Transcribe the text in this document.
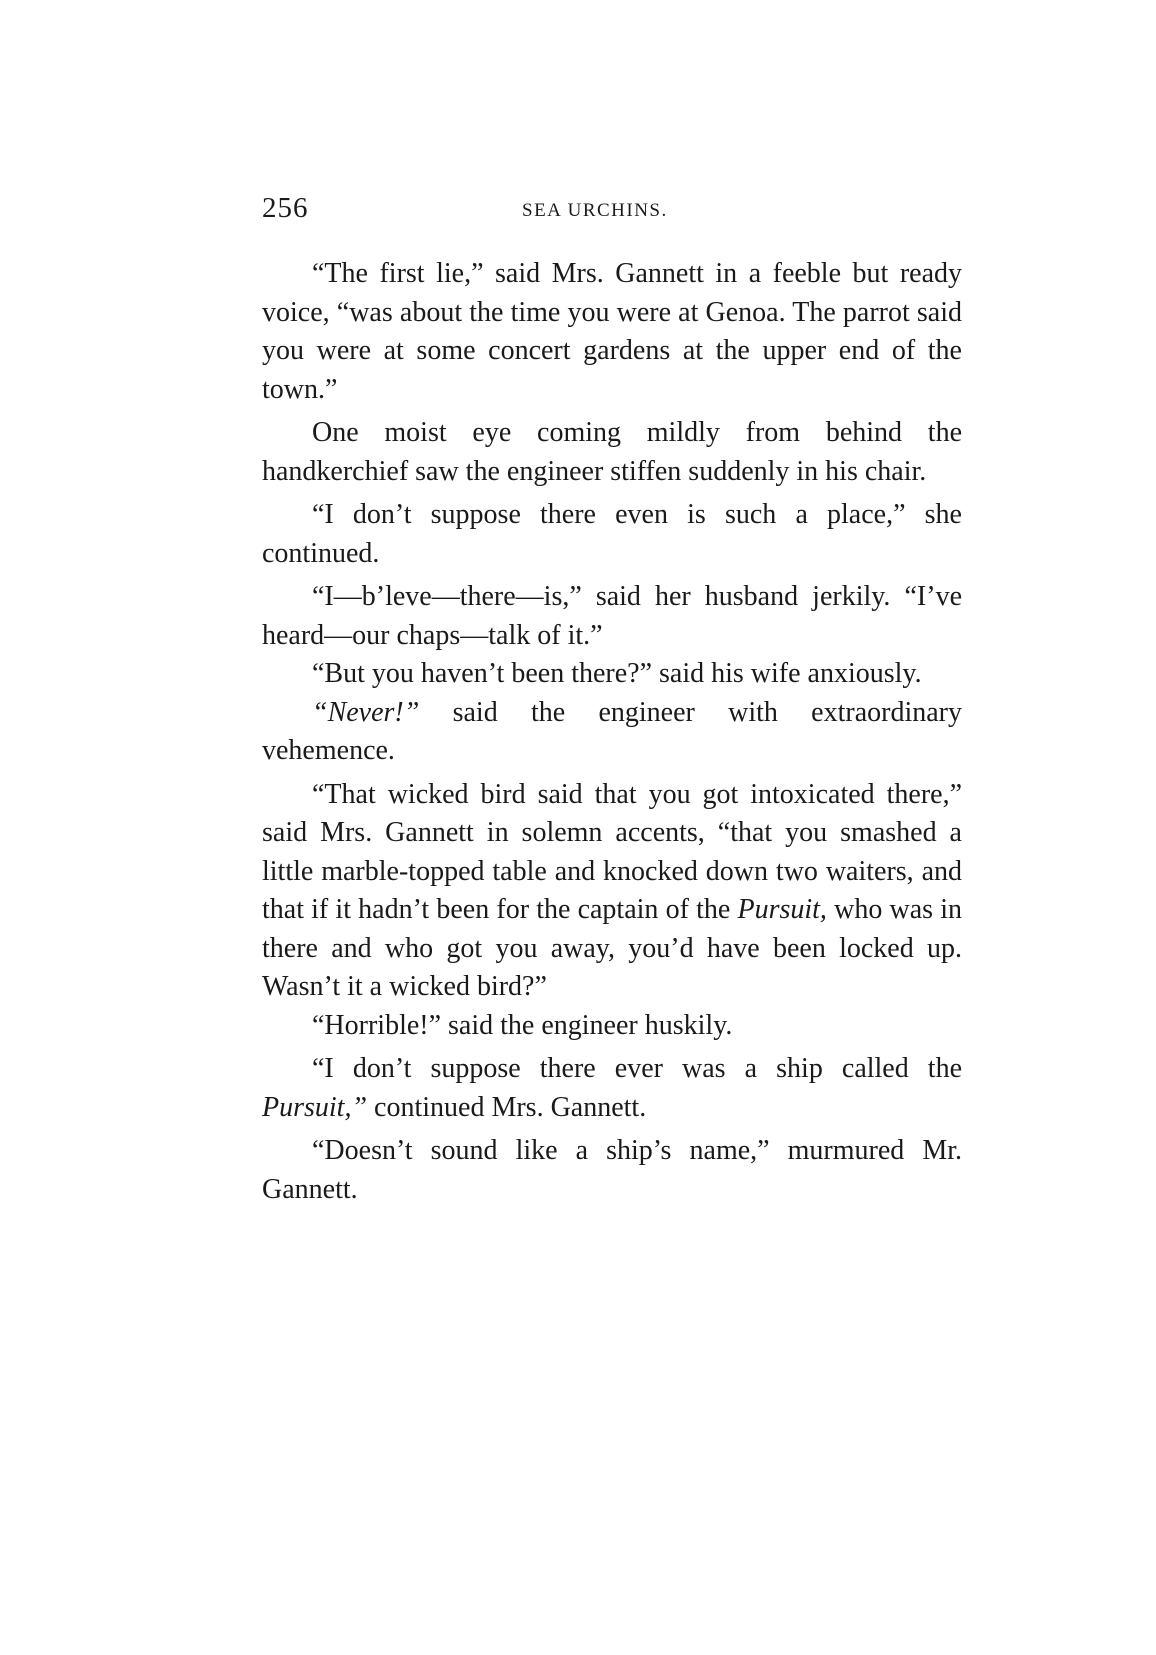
256	SEA URCHINS.

“The first lie,” said Mrs. Gannett in a feeble but ready voice, “was about the time you were at Genoa. The parrot said you were at some concert gardens at the upper end of the town.”

One moist eye coming mildly from behind the handkerchief saw the engineer stiffen suddenly in his chair.

“I don’t suppose there even is such a place,” she continued.

“I—b’leve—there—is,” said her husband jerkily. “I’ve heard—our chaps—talk of it.”

“But you haven’t been there?” said his wife anxiously.

“Never!” said the engineer with extraordinary vehemence.

“That wicked bird said that you got intoxicated there,” said Mrs. Gannett in solemn accents, “that you smashed a little marble-topped table and knocked down two waiters, and that if it hadn’t been for the captain of the Pursuit, who was in there and who got you away, you’d have been locked up. Wasn’t it a wicked bird?”

“Horrible!” said the engineer huskily.

“I don’t suppose there ever was a ship called the Pursuit,” continued Mrs. Gannett.

“Doesn’t sound like a ship’s name,” murmured Mr. Gannett.
